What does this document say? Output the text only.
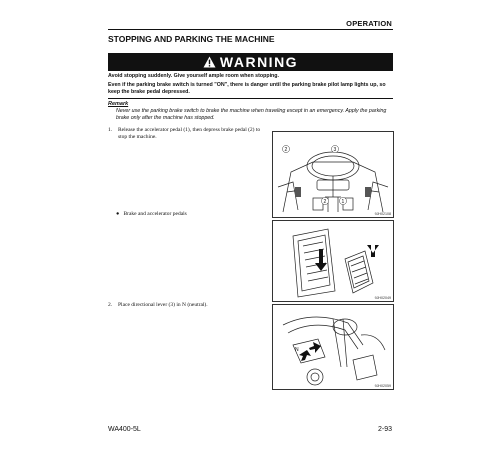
OPERATION
STOPPING AND PARKING THE MACHINE
WARNING
Avoid stopping suddenly. Give yourself ample room when stopping.
Even if the parking brake switch is turned "ON", there is danger until the parking brake pilot lamp lights up, so keep the brake pedal depressed.
Remark
Never use the parking brake switch to brake the machine when traveling except in an emergency. Apply the parking brake only after the machine has stopped.
1. Release the accelerator pedal (1), then depress brake pedal (2) to stop the machine.
●   Brake and accelerator pedals
2. Place directional lever (3) in N (neutral).
2	3
2	1
9JH02108
9JH02049
N
9JH02059
WA400-5L	2-93
